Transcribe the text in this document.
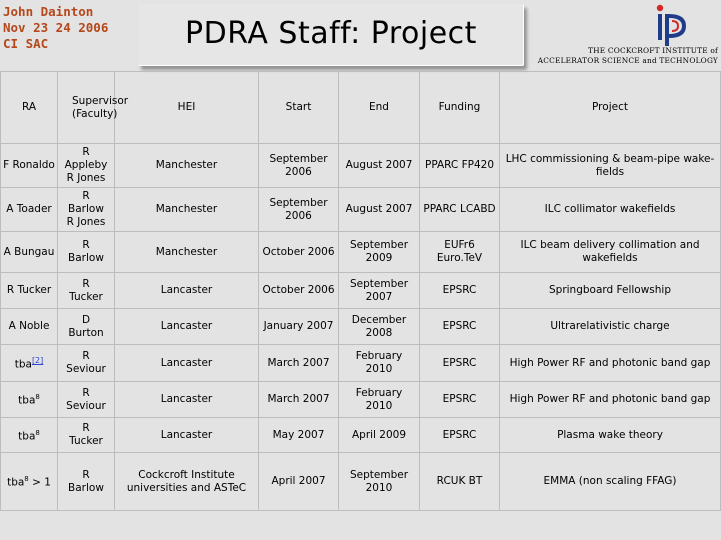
John Dainton
Nov 23 24 2006
CI SAC	PDRA Staff: Project	THE COCKCROFT INSTITUTE of
ACCELERATOR SCIENCE and TECHNOLOGY
RA	Supervisor (Faculty)	HEI	Start	End	Funding	Project
F Ronaldo	R Appleby R Jones	Manchester	September 2006	August 2007	PPARC FP420	LHC commissioning & beam-pipe wake-fields
A Toader	R Barlow R Jones	Manchester	September 2006	August 2007	PPARC LCABD	ILC collimator wakefields
A Bungau	R Barlow	Manchester	October 2006	September 2009	EUFr6 Euro.TeV	ILC beam delivery collimation and wakefields
R Tucker	R Tucker	Lancaster	October 2006	September 2007	EPSRC	Springboard Fellowship
A Noble	D Burton	Lancaster	January 2007	December 2008	EPSRC	Ultrarelativistic charge
tba[2]	R Seviour	Lancaster	March 2007	February 2010	EPSRC	High Power RF and photonic band gap
tba$^8$	R Seviour	Lancaster	March 2007	February 2010	EPSRC	High Power RF and photonic band gap
tba$^8$	R Tucker	Lancaster	May 2007	April 2009	EPSRC	Plasma wake theory
tba$^8$ > 1	R Barlow	Cockcroft Institute universities and ASTeC	April 2007	September 2010	RCUK BT	EMMA (non scaling FFAG)
